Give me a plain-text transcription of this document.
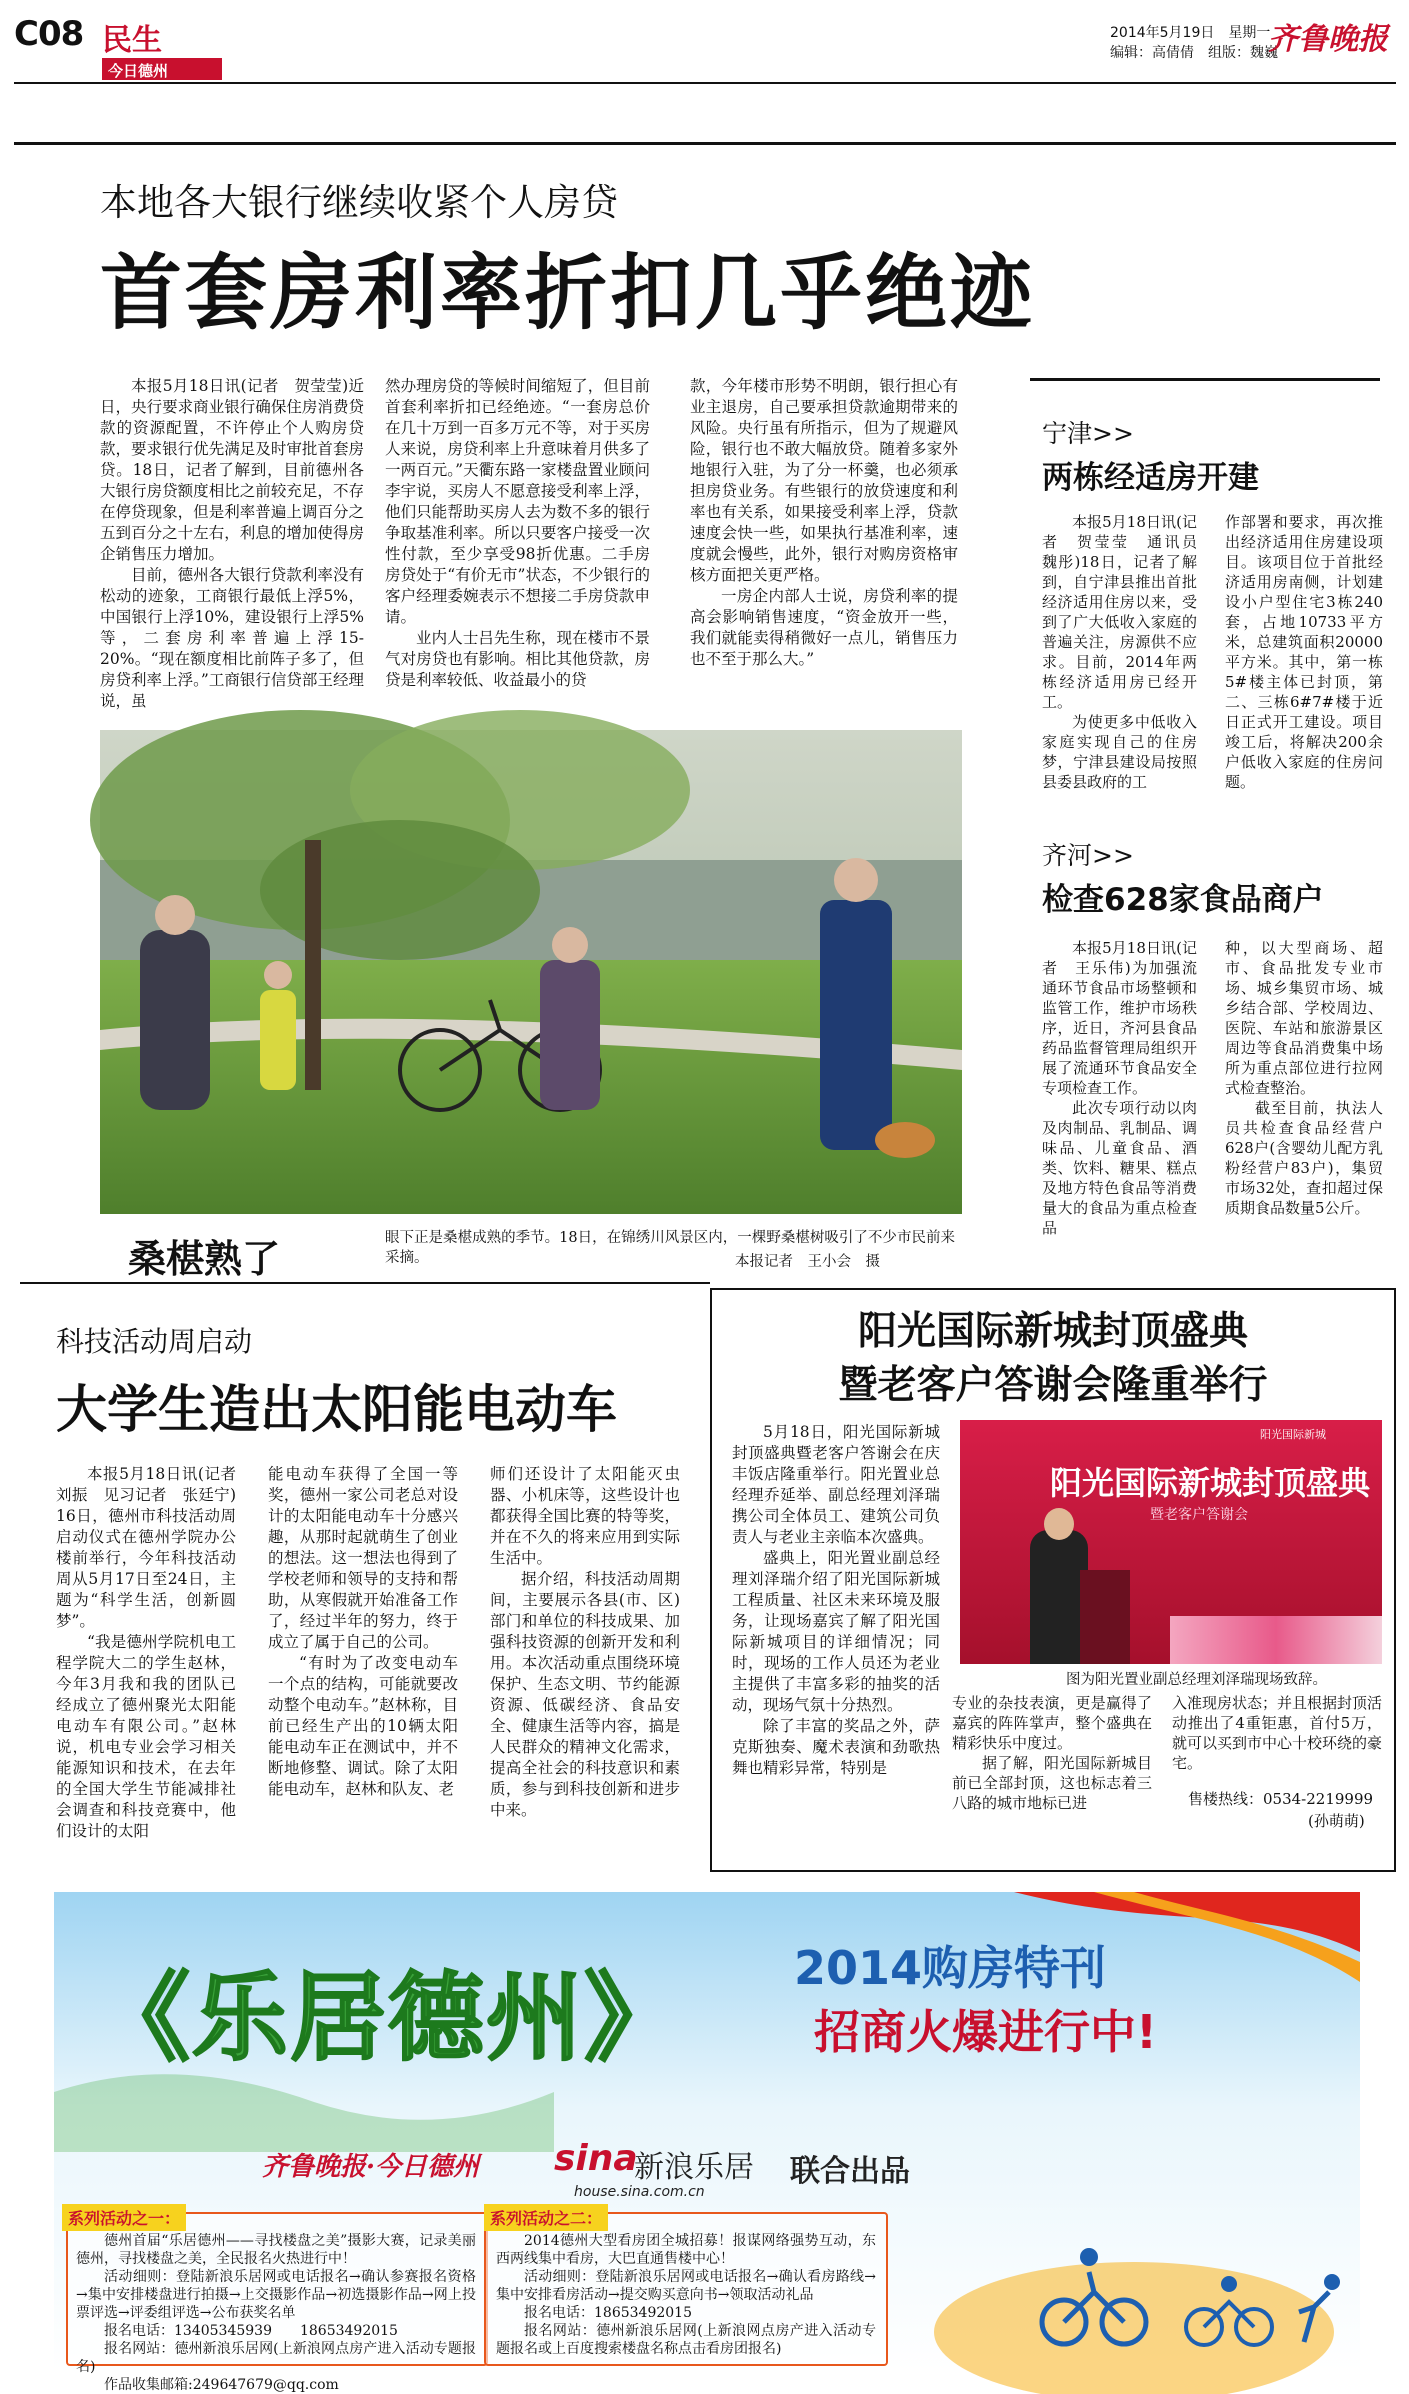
C08 民生
今日德州
2014年5月19日　星期一
编辑：高倩倩　组版：魏巍
齐鲁晚报
本地各大银行继续收紧个人房贷
首套房利率折扣几乎绝迹

本报5月18日讯(记者　贺莹莹)近日，央行要求商业银行确保住房消费贷款的资源配置，不许停止个人购房贷款，要求银行优先满足及时审批首套房贷。18日，记者了解到，目前德州各大银行房贷额度相比之前较充足，不存在停贷现象，但是利率普遍上调百分之五到百分之十左右，利息的增加使得房企销售压力增加。

目前，德州各大银行贷款利率没有松动的迹象，工商银行最低上浮5%，中国银行上浮10%，建设银行上浮5%等，二套房利率普遍上浮15-20%。“现在额度相比前阵子多了，但房贷利率上浮。”工商银行信贷部王经理说，虽

然办理房贷的等候时间缩短了，但目前首套利率折扣已经绝迹。“一套房总价在几十万到一百多万元不等，对于买房人来说，房贷利率上升意味着月供多了一两百元。”天衢东路一家楼盘置业顾问李宇说，买房人不愿意接受利率上浮，他们只能帮助买房人去为数不多的银行争取基准利率。所以只要客户接受一次性付款，至少享受98折优惠。二手房房贷处于“有价无市”状态，不少银行的客户经理委婉表示不想接二手房贷款申请。

业内人士吕先生称，现在楼市不景气对房贷也有影响。相比其他贷款，房贷是利率较低、收益最小的贷

款，今年楼市形势不明朗，银行担心有业主退房，自己要承担贷款逾期带来的风险。央行虽有所指示，但为了规避风险，银行也不敢大幅放贷。随着多家外地银行入驻，为了分一杯羹，也必须承担房贷业务。有些银行的放贷速度和利率也有关系，如果接受利率上浮，贷款速度会快一些，如果执行基准利率，速度就会慢些，此外，银行对购房资格审核方面把关更严格。

一房企内部人士说，房贷利率的提高会影响销售速度，“资金放开一些，我们就能卖得稍微好一点儿，销售压力也不至于那么大。”

桑椹熟了	眼下正是桑椹成熟的季节。18日，在锦绣川风景区内，一棵野桑椹树吸引了不少市民前来采摘。	本报记者　王小会　摄
宁津>>
两栋经适房开建

本报5月18日讯(记者　贺莹莹　通讯员　魏彤)18日，记者了解到，自宁津县推出首批经济适用住房以来，受到了广大低收入家庭的普遍关注，房源供不应求。目前，2014年两栋经济适用房已经开工。

为使更多中低收入家庭实现自己的住房梦，宁津县建设局按照县委县政府的工

作部署和要求，再次推出经济适用住房建设项目。该项目位于首批经济适用房南侧，计划建设小户型住宅3栋240套，占地10733平方米，总建筑面积20000平方米。其中，第一栋5#楼主体已封顶，第二、三栋6#7#楼于近日正式开工建设。项目竣工后，将解决200余户低收入家庭的住房问题。

齐河>>
检查628家食品商户

本报5月18日讯(记者　王乐伟)为加强流通环节食品市场整顿和监管工作，维护市场秩序，近日，齐河县食品药品监督管理局组织开展了流通环节食品安全专项检查工作。

此次专项行动以肉及肉制品、乳制品、调味品、儿童食品、酒类、饮料、糖果、糕点及地方特色食品等消费量大的食品为重点检查品

种，以大型商场、超市、食品批发专业市场、城乡集贸市场、城乡结合部、学校周边、医院、车站和旅游景区周边等食品消费集中场所为重点部位进行拉网式检查整治。

截至目前，执法人员共检查食品经营户628户(含婴幼儿配方乳粉经营户83户)，集贸市场32处，查扣超过保质期食品数量5公斤。

科技活动周启动
大学生造出太阳能电动车

本报5月18日讯(记者　刘振　见习记者　张廷宁)　16日，德州市科技活动周启动仪式在德州学院办公楼前举行，今年科技活动周从5月17日至24日，主题为“科学生活，创新圆梦”。

“我是德州学院机电工程学院大二的学生赵林，今年3月我和我的团队已经成立了德州聚光太阳能电动车有限公司。”赵林说，机电专业会学习相关能源知识和技术，在去年的全国大学生节能减排社会调查和科技竞赛中，他们设计的太阳

能电动车获得了全国一等奖，德州一家公司老总对设计的太阳能电动车十分感兴趣，从那时起就萌生了创业的想法。这一想法也得到了学校老师和领导的支持和帮助，从寒假就开始准备工作了，经过半年的努力，终于成立了属于自己的公司。

“有时为了改变电动车一个点的结构，可能就要改动整个电动车。”赵林称，目前已经生产出的10辆太阳能电动车正在测试中，并不断地修整、调试。除了太阳能电动车，赵林和队友、老

师们还设计了太阳能灭虫器、小机床等，这些设计也都获得全国比赛的特等奖，并在不久的将来应用到实际生活中。

据介绍，科技活动周期间，主要展示各县(市、区)部门和单位的科技成果、加强科技资源的创新开发和利用。本次活动重点围绕环境保护、生态文明、节约能源资源、低碳经济、食品安全、健康生活等内容，搞是人民群众的精神文化需求，提高全社会的科技意识和素质，参与到科技创新和进步中来。

阳光国际新城封顶盛典
暨老客户答谢会隆重举行

5月18日，阳光国际新城封顶盛典暨老客户答谢会在庆丰饭店隆重举行。阳光置业总经理乔延举、副总经理刘泽瑞携公司全体员工、建筑公司负责人与老业主亲临本次盛典。

盛典上，阳光置业副总经理刘泽瑞介绍了阳光国际新城工程质量、社区未来环境及服务，让现场嘉宾了解了阳光国际新城项目的详细情况；同时，现场的工作人员还为老业主提供了丰富多彩的抽奖的活动，现场气氛十分热烈。

除了丰富的奖品之外，萨克斯独奏、魔术表演和劲歌热舞也精彩异常，特别是

阳光国际新城
阳光国际新城封顶盛典
暨老客户答谢会
图为阳光置业副总经理刘泽瑞现场致辞。

专业的杂技表演，更是赢得了嘉宾的阵阵掌声，整个盛典在精彩快乐中度过。

据了解，阳光国际新城目前已全部封顶，这也标志着三八路的城市地标已进

入准现房状态；并且根据封顶活动推出了4重钜惠，首付5万，就可以买到市中心十校环绕的豪宅。

售楼热线：0534-2219999
(孙萌萌)
《乐居德州》 2014购房特刊
招商火爆进行中!
齐鲁晚报·今日德州 sina
新浪乐居
house.sina.com.cn
联合出品
系列活动之一：

德州首届“乐居德州——寻找楼盘之美”摄影大赛，记录美丽德州，寻找楼盘之美，全民报名火热进行中！

活动细则：登陆新浪乐居网或电话报名→确认参赛报名资格→集中安排楼盘进行拍摄→上交摄影作品→初选摄影作品→网上投票评选→评委组评选→公布获奖名单

报名电话：13405345939　　18653492015

报名网站：德州新浪乐居网(上新浪网点房产进入活动专题报名)

作品收集邮箱:249647679@qq.com

系列活动之二：

2014德州大型看房团全城招募！报谋网络强势互动，东西两线集中看房，大巴直通售楼中心！

活动细则：登陆新浪乐居网或电话报名→确认看房路线→集中安排看房活动→提交购买意向书→领取活动礼品

报名电话：18653492015

报名网站：德州新浪乐居网(上新浪网点房产进入活动专题报名或上百度搜索楼盘名称点击看房团报名)
